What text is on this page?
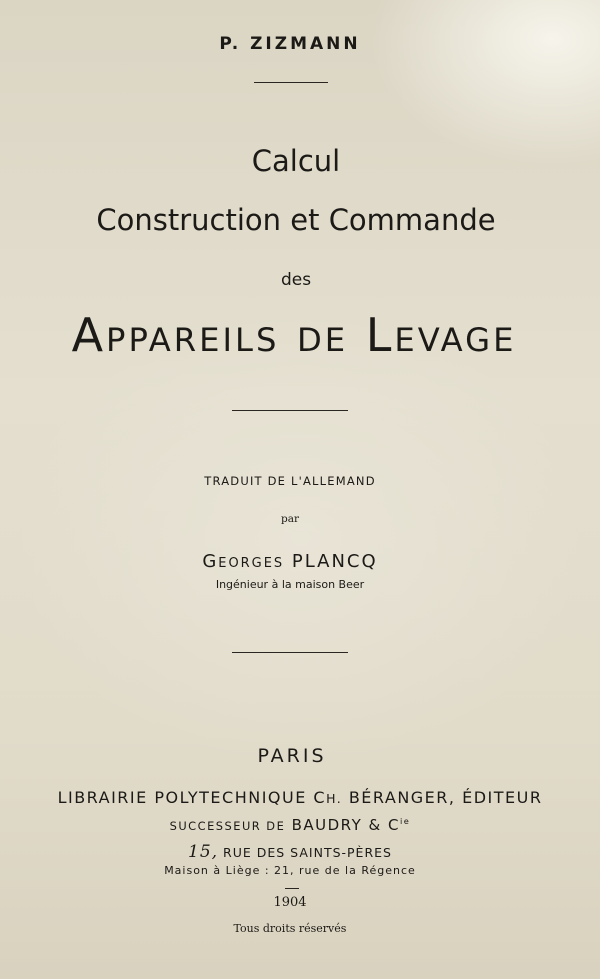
P. ZIZMANN
Calcul
Construction et Commande
des
APPAREILS DE LEVAGE
TRADUIT DE L'ALLEMAND
par
GEORGES PLANCQ
Ingénieur à la maison Beer
PARIS
LIBRAIRIE POLYTECHNIQUE CH. BÉRANGER, ÉDITEUR
SUCCESSEUR DE BAUDRY & $C^{ie}$
15, RUE DES SAINTS-PÈRES
Maison à Liège : 21, rue de la Régence
1904
Tous droits réservés
